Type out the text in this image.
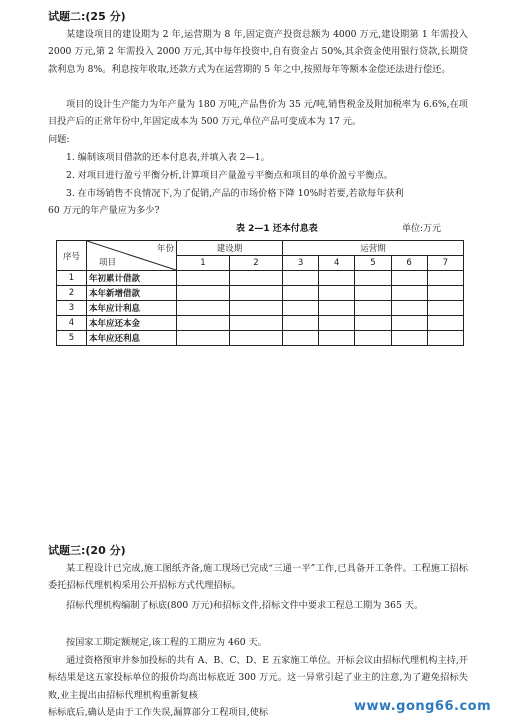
试题二:(25 分)
某建设项目的建设期为 2 年,运营期为 8 年,固定资产投资总额为 4000 万元,建设期第 1 年需投入 2000 万元,第 2 年需投入 2000 万元,其中每年投资中,自有资金占 50%,其余资金使用银行贷款,长期贷款利息为 8%。利息按年收取,还款方式为在运营期的 5 年之中,按照每年等额本金偿还法进行偿还。
项目的设计生产能力为年产量为 180 万吨,产品售价为 35 元/吨,销售税金及附加税率为 6.6%,在项目投产后的正常年份中,年固定成本为 500 万元,单位产品可变成本为 17 元。
问题:
1. 编制该项目借款的还本付息表,并填入表 2—1。
2. 对项目进行盈亏平衡分析,计算项目产量盈亏平衡点和项目的单价盈亏平衡点。
3. 在市场销售不良情况下,为了促销,产品的市场价格下降 10%时若要,若欲每年获利
60 万元的年产量应为多少?
表 2—1 还本付息表	单位:万元
序号	项目
年份	建设期		运营期				
		1	2	3	4	5	6	7
1	年初累计借款							
2	本年新增借款							
3	本年应计利息							
4	本年应还本金							
5	本年应还利息							
试题三:(20 分)
某工程设计已完成,施工图纸齐备,施工现场已完成“三通一平”工作,已具备开工条件。工程施工招标委托招标代理机构采用公开招标方式代理招标。
招标代理机构编制了标底(800 万元)和招标文件,招标文件中要求工程总工期为 365 天。
按国家工期定额规定,该工程的工期应为 460 天。
通过资格预审并参加投标的共有 A、B、C、D、E 五家施工单位。开标会议由招标代理机构主持,开标结果是这五家投标单位的报价均高出标底近 300 万元。这一异常引起了业主的注意,为了避免招标失败,业主提出由招标代理机构重新复核
标标底后,确认是由于工作失误,漏算部分工程项目,使标	www.gong66.com
